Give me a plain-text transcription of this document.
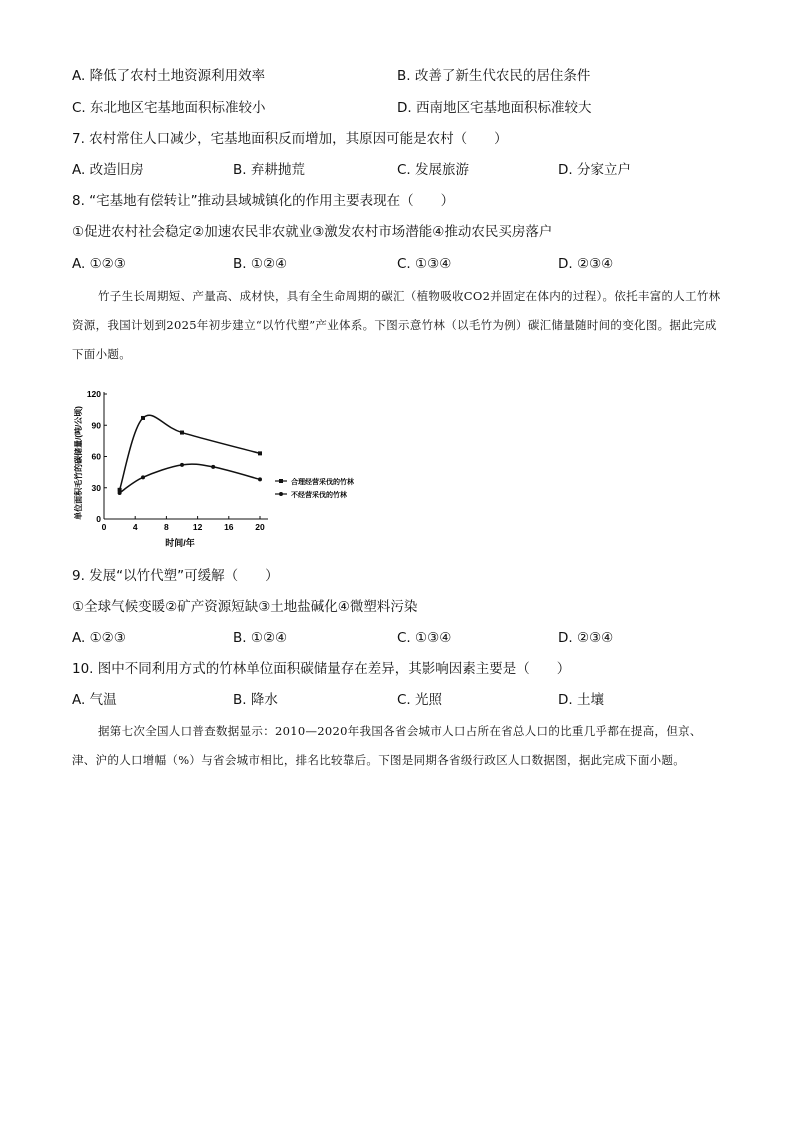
A. 降低了农村土地资源利用效率	B. 改善了新生代农民的居住条件
C. 东北地区宅基地面积标准较小	D. 西南地区宅基地面积标准较大
7. 农村常住人口减少，宅基地面积反而增加，其原因可能是农村（　　）
A. 改造旧房	B. 弃耕抛荒	C. 发展旅游	D. 分家立户
8. “宅基地有偿转让”推动县域城镇化的作用主要表现在（　　）
①促进农村社会稳定②加速农民非农就业③激发农村市场潜能④推动农民买房落户
A. ①②③	B. ①②④	C. ①③④	D. ②③④
竹子生长周期短、产量高、成材快，具有全生命周期的碳汇（植物吸收CO2并固定在体内的过程）。依托丰富的人工竹林资源，我国计划到2025年初步建立“以竹代塑”产业体系。下图示意竹林（以毛竹为例）碳汇储量随时间的变化图。据此完成下面小题。
0	4	8	12	16	20
0
30
60
90
120
合理经营采伐的竹林
不经营采伐的竹林
单位面积毛竹的碳储量/(吨/公顷)
时间/年
9. 发展“以竹代塑”可缓解（　　）
①全球气候变暖②矿产资源短缺③土地盐碱化④微塑料污染
A. ①②③	B. ①②④	C. ①③④	D. ②③④
10. 图中不同利用方式的竹林单位面积碳储量存在差异，其影响因素主要是（　　）
A. 气温	B. 降水	C. 光照	D. 土壤
据第七次全国人口普查数据显示：2010—2020年我国各省会城市人口占所在省总人口的比重几乎都在提高，但京、津、沪的人口增幅（%）与省会城市相比，排名比较靠后。下图是同期各省级行政区人口数据图，据此完成下面小题。
